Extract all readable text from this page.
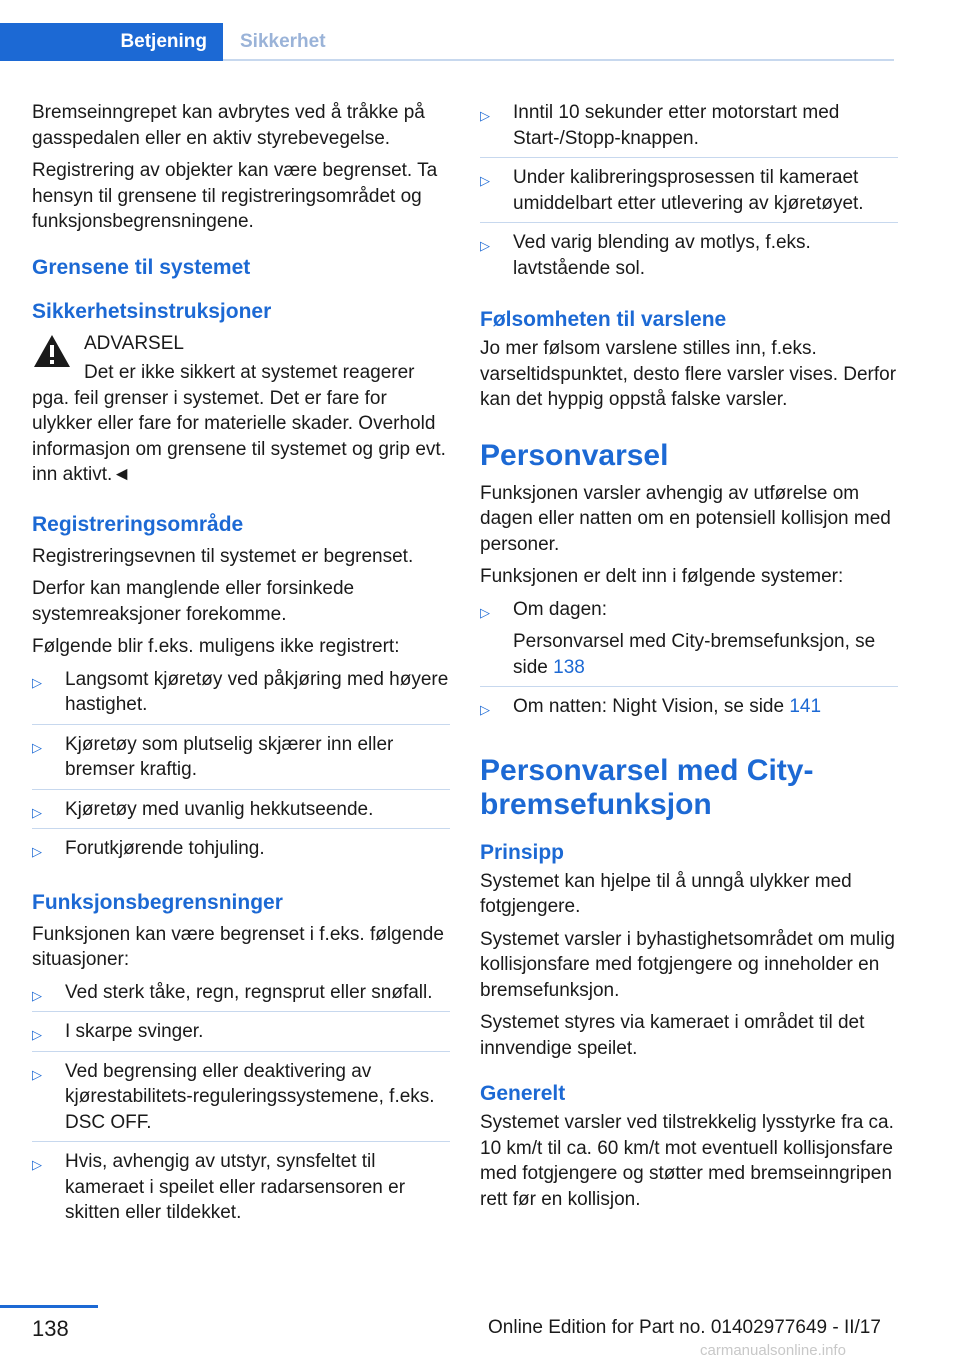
Betjening	Sikkerhet

Bremseinngrepet kan avbrytes ved å tråkke på gasspedalen eller en aktiv styrebevegelse.

Registrering av objekter kan være begrenset. Ta hensyn til grensene til registreringsområdet og funksjonsbegrensningene.

Grensene til systemet
Sikkerhetsinstruksjoner
ADVARSEL
Det er ikke sikkert at systemet reagerer pga. feil grenser i systemet. Det er fare for ulykker eller fare for materielle skader. Overhold informasjon om grensene til systemet og grip evt. inn aktivt.◄
Registreringsområde

Registreringsevnen til systemet er begrenset.

Derfor kan manglende eller forsinkede systemreaksjoner forekomme.

Følgende blir f.eks. muligens ikke registrert:

▷ Langsomt kjøretøy ved påkjøring med høyere hastighet.
▷ Kjøretøy som plutselig skjærer inn eller bremser kraftig.
▷ Kjøretøy med uvanlig hekkutseende.
▷ Forutkjørende tohjuling.
Funksjonsbegrensninger

Funksjonen kan være begrenset i f.eks. følgende situasjoner:

▷ Ved sterk tåke, regn, regnsprut eller snøfall.
▷ I skarpe svinger.
▷ Ved begrensing eller deaktivering av kjørestabilitets-reguleringssystemene, f.eks. DSC OFF.
▷ Hvis, avhengig av utstyr, synsfeltet til kameraet i speilet eller radarsensoren er skitten eller tildekket.
▷ Inntil 10 sekunder etter motorstart med Start-/Stopp-knappen.
▷ Under kalibreringsprosessen til kameraet umiddelbart etter utlevering av kjøretøyet.
▷ Ved varig blending av motlys, f.eks. lavtstående sol.
Følsomheten til varslene

Jo mer følsom varslene stilles inn, f.eks. varseltidspunktet, desto flere varsler vises. Derfor kan det hyppig oppstå falske varsler.

Personvarsel

Funksjonen varsler avhengig av utførelse om dagen eller natten om en potensiell kollisjon med personer.

Funksjonen er delt inn i følgende systemer:

▷ Om dagen:
Personvarsel med City-bremsefunksjon, se side 138
▷ Om natten: Night Vision, se side 141
Personvarsel med City-bremsefunksjon
Prinsipp

Systemet kan hjelpe til å unngå ulykker med fotgjengere.

Systemet varsler i byhastighetsområdet om mulig kollisjonsfare med fotgjengere og inneholder en bremsefunksjon.

Systemet styres via kameraet i området til det innvendige speilet.

Generelt

Systemet varsler ved tilstrekkelig lysstyrke fra ca. 10 km/t til ca. 60 km/t mot eventuell kollisjonsfare med fotgjengere og støtter med bremseinngripen rett før en kollisjon.

138	Online Edition for Part no. 01402977649 - II/17
carmanualsonline.info
